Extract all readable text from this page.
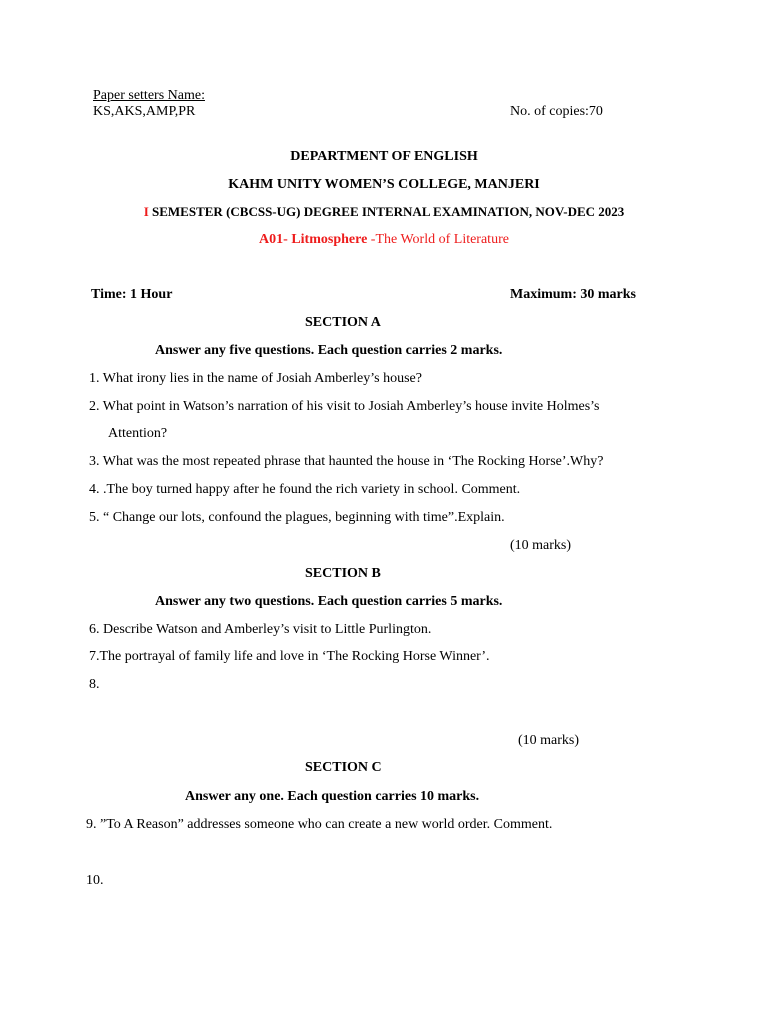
Paper setters Name:
KS,AKS,AMP,PR	No. of copies:70
DEPARTMENT OF ENGLISH
KAHM UNITY WOMEN’S COLLEGE, MANJERI
I SEMESTER (CBCSS-UG) DEGREE INTERNAL EXAMINATION, NOV-DEC 2023
A01- Litmosphere -The World of Literature
Time: 1 Hour	Maximum: 30 marks
SECTION A
Answer any five questions. Each question carries 2 marks.
1. What irony lies in the name of Josiah Amberley’s house?
2. What point in Watson’s narration of his visit to Josiah Amberley’s house invite Holmes’s
Attention?
3. What was the most repeated phrase that haunted the house in ‘The Rocking Horse’.Why?
4. .The boy turned happy after he found the rich variety in school. Comment.
5. “ Change our lots, confound the plagues, beginning with time”.Explain.
(10 marks)
SECTION B
Answer any two questions. Each question carries 5 marks.
6. Describe Watson and Amberley’s visit to Little Purlington.
7.The portrayal of family life and love in ‘The Rocking Horse Winner’.
8.
(10 marks)
SECTION C
Answer any one. Each question carries 10 marks.
9. ”To A Reason” addresses someone who can create a new world order. Comment.
10.
